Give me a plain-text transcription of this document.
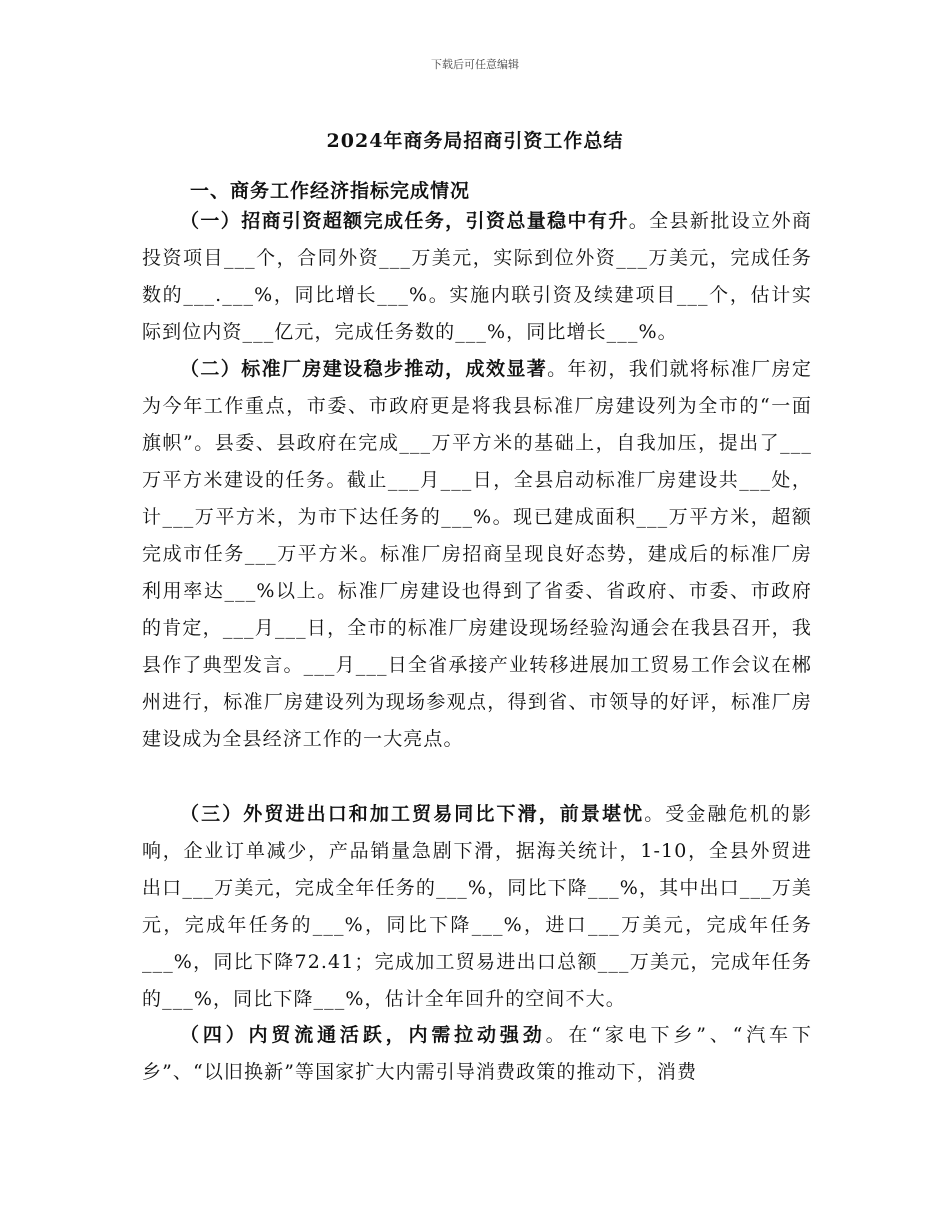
下载后可任意编辑
2024年商务局招商引资工作总结
一、商务工作经济指标完成情况

（一）招商引资超额完成任务，引资总量稳中有升。全县新批设立外商投资项目___个，合同外资___万美元，实际到位外资___万美元，完成任务数的___.___%，同比增长___%。实施内联引资及续建项目___个，估计实际到位内资___亿元，完成任务数的___%，同比增长___%。

（二）标准厂房建设稳步推动，成效显著。年初，我们就将标准厂房定为今年工作重点，市委、市政府更是将我县标准厂房建设列为全市的“一面旗帜”。县委、县政府在完成___万平方米的基础上，自我加压，提出了___万平方米建设的任务。截止___月___日，全县启动标准厂房建设共___处，计___万平方米，为市下达任务的___%。现已建成面积___万平方米，超额完成市任务___万平方米。标准厂房招商呈现良好态势，建成后的标准厂房利用率达___%以上。标准厂房建设也得到了省委、省政府、市委、市政府的肯定，___月___日，全市的标准厂房建设现场经验沟通会在我县召开，我县作了典型发言。___月___日全省承接产业转移进展加工贸易工作会议在郴州进行，标准厂房建设列为现场参观点，得到省、市领导的好评，标准厂房建设成为全县经济工作的一大亮点。

（三）外贸进出口和加工贸易同比下滑，前景堪忧。受金融危机的影响，企业订单减少，产品销量急剧下滑，据海关统计，1-10，全县外贸进出口___万美元，完成全年任务的___%，同比下降___%，其中出口___万美元，完成年任务的___%，同比下降___%，进口___万美元，完成年任务___%，同比下降72.41；完成加工贸易进出口总额___万美元，完成年任务的___%，同比下降___%，估计全年回升的空间不大。

（四）内贸流通活跃，内需拉动强劲。在“家电下乡”、“汽车下乡”、“以旧换新”等国家扩大内需引导消费政策的推动下，消费
